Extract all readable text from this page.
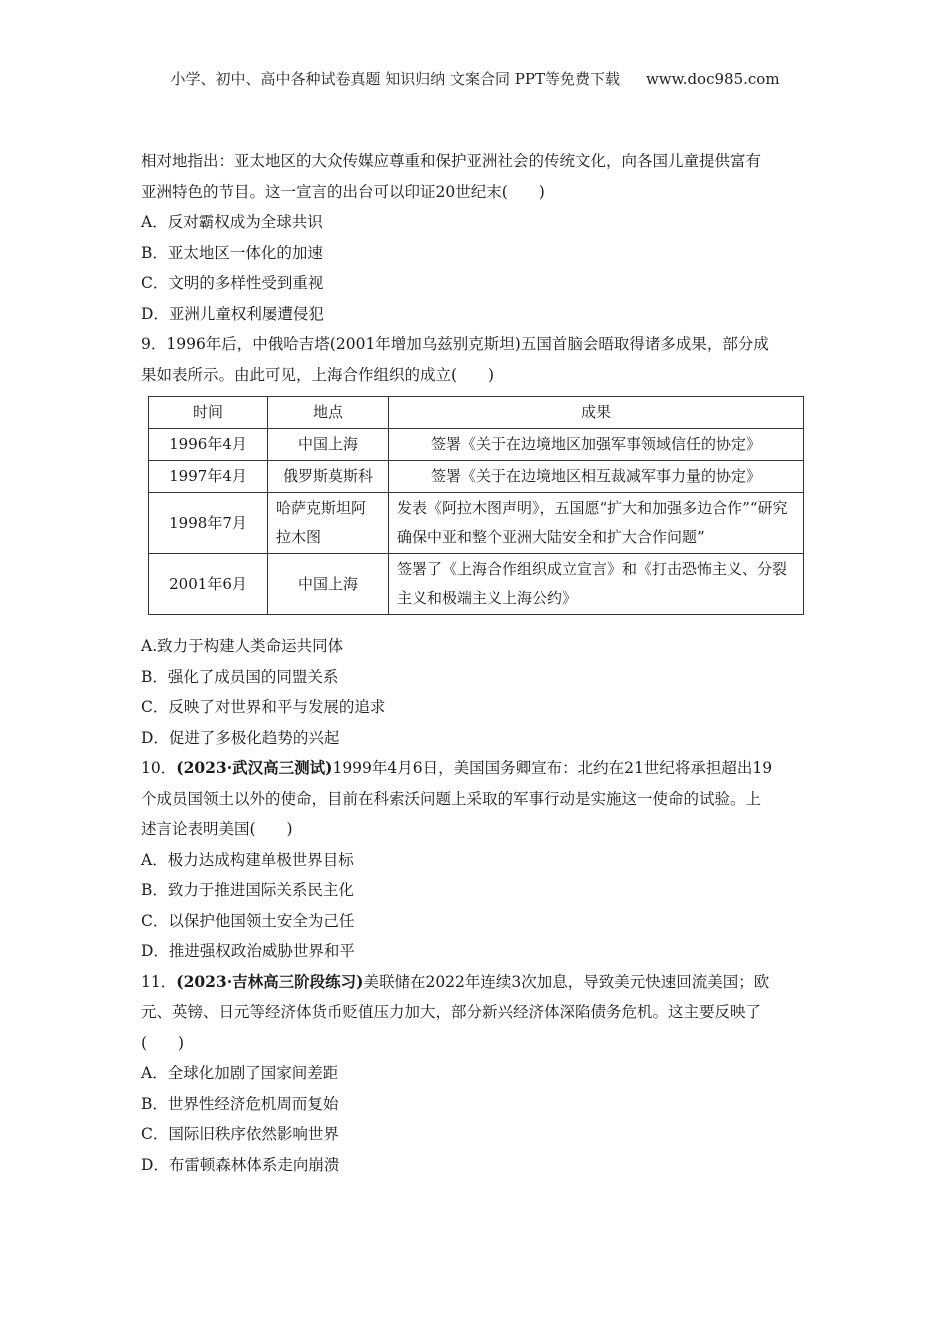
小学、初中、高中各种试卷真题 知识归纳 文案合同 PPT等免费下载 www.doc985.com
相对地指出：亚太地区的大众传媒应尊重和保护亚洲社会的传统文化，向各国儿童提供富有
亚洲特色的节目。这一宣言的出台可以印证20世纪末(　　)
A．反对霸权成为全球共识
B．亚太地区一体化的加速
C．文明的多样性受到重视
D．亚洲儿童权利屡遭侵犯
9．1996年后，中俄哈吉塔(2001年增加乌兹别克斯坦)五国首脑会晤取得诸多成果，部分成
果如表所示。由此可见，上海合作组织的成立(　　)
时间	地点	成果
1996年4月	中国上海	签署《关于在边境地区加强军事领域信任的协定》
1997年4月	俄罗斯莫斯科	签署《关于在边境地区相互裁减军事力量的协定》
1998年7月	哈萨克斯坦阿拉木图	发表《阿拉木图声明》，五国愿“扩大和加强多边合作”“研究确保中亚和整个亚洲大陆安全和扩大合作问题”
2001年6月	中国上海	签署了《上海合作组织成立宣言》和《打击恐怖主义、分裂主义和极端主义上海公约》
A.致力于构建人类命运共同体
B．强化了成员国的同盟关系
C．反映了对世界和平与发展的追求
D．促进了多极化趋势的兴起
10．(2023·武汉高三测试)1999年4月6日，美国国务卿宣布：北约在21世纪将承担超出19
个成员国领土以外的使命，目前在科索沃问题上采取的军事行动是实施这一使命的试验。上
述言论表明美国(　　)
A．极力达成构建单极世界目标
B．致力于推进国际关系民主化
C．以保护他国领土安全为己任
D．推进强权政治威胁世界和平
11．(2023·吉林高三阶段练习)美联储在2022年连续3次加息，导致美元快速回流美国；欧
元、英镑、日元等经济体货币贬值压力加大，部分新兴经济体深陷债务危机。这主要反映了
(　　)
A．全球化加剧了国家间差距
B．世界性经济危机周而复始
C．国际旧秩序依然影响世界
D．布雷顿森林体系走向崩溃
